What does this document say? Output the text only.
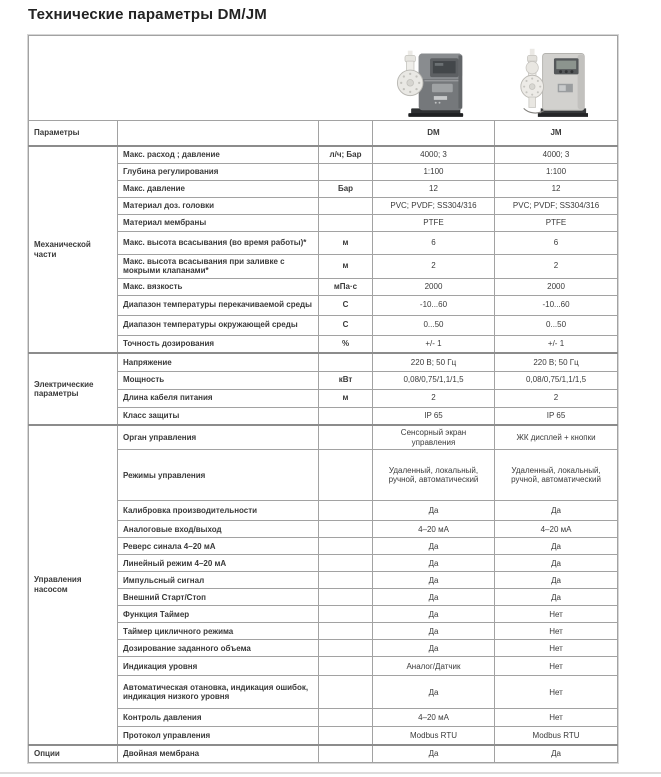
Технические параметры DM/JM

Параметры			DM	JM
Механической части	Макс. расход ; давление	л/ч; Бар	4000; 3	4000; 3
	Глубина регулирования		1:100	1:100
	Макс. давление	Бар	12	12
	Материал доз. головки		PVC; PVDF; SS304/316	PVC; PVDF; SS304/316
	Материал мембраны		PTFE	PTFE
	Макс. высота всасывания (во время работы)*	м	6	6
	Макс. высота всасывания при заливке с мокрыми клапанами*	м	2	2
	Макс. вязкость	мПа·с	2000	2000
	Диапазон температуры перекачиваемой среды	С	-10...60	-10...60
	Диапазон температуры окружающей среды	С	0...50	0...50
	Точность дозирования	%	+/- 1	+/- 1
Электрические параметры	Напряжение		220 В; 50 Гц	220 В; 50 Гц
	Мощность	кВт	0,08/0,75/1,1/1,5	0,08/0,75/1,1/1,5
	Длина кабеля питания	м	2	2
	Класс защиты		IP 65	IP 65
Управления насосом	Орган управления		Сенсорный экран управления	ЖК дисплей + кнопки
	Режимы управления		Удаленный, локальный, ручной, автоматический	Удаленный, локальный, ручной, автоматический
	Калибровка производительности		Да	Да
	Аналоговые вход/выход		4–20 мА	4–20 мА
	Реверс синала 4–20 мА		Да	Да
	Линейный режим 4–20 мА		Да	Да
	Импульсный сигнал		Да	Да
	Внешний Старт/Стоп		Да	Да
	Функция Таймер		Да	Нет
	Таймер цикличного режима		Да	Нет
	Дозирование заданного объема		Да	Нет
	Индикация уровня		Аналог/Датчик	Нет
	Автоматическая отановка, индикация ошибок, индикация низкого уровня		Да	Нет
	Контроль давления		4–20 мА	Нет
	Протокол управления		Modbus RTU	Modbus RTU
Опции	Двойная мембрана		Да	Да
